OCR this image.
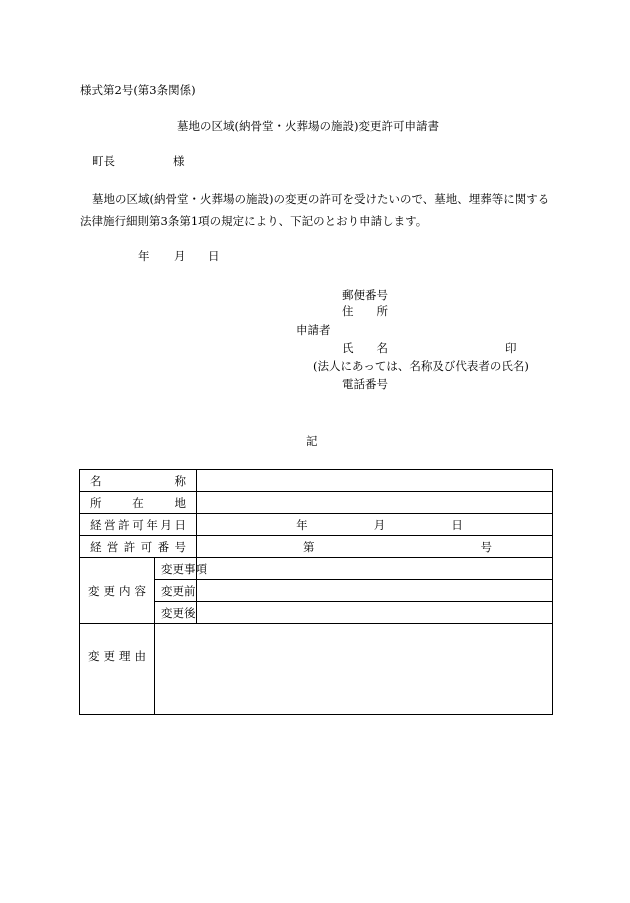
様式第2号(第3条関係)
墓地の区域(納骨堂・火葬場の施設)変更許可申請書
町長	様
墓地の区域(納骨堂・火葬場の施設)の変更の許可を受けたいので、墓地、埋葬等に関する法律施行細則第3条第1項の規定により、下記のとおり申請します。
年 月 日
郵便番号
住　　所
申請者
氏　　名	印
(法人にあっては、名称及び代表者の氏名)
電話番号
記
名称		
所在地		
経営許可年月日		年 月 日

経営許可番号		第 号

変更内容	変更事項	
	変更前	
	変更後	
変更理由		
